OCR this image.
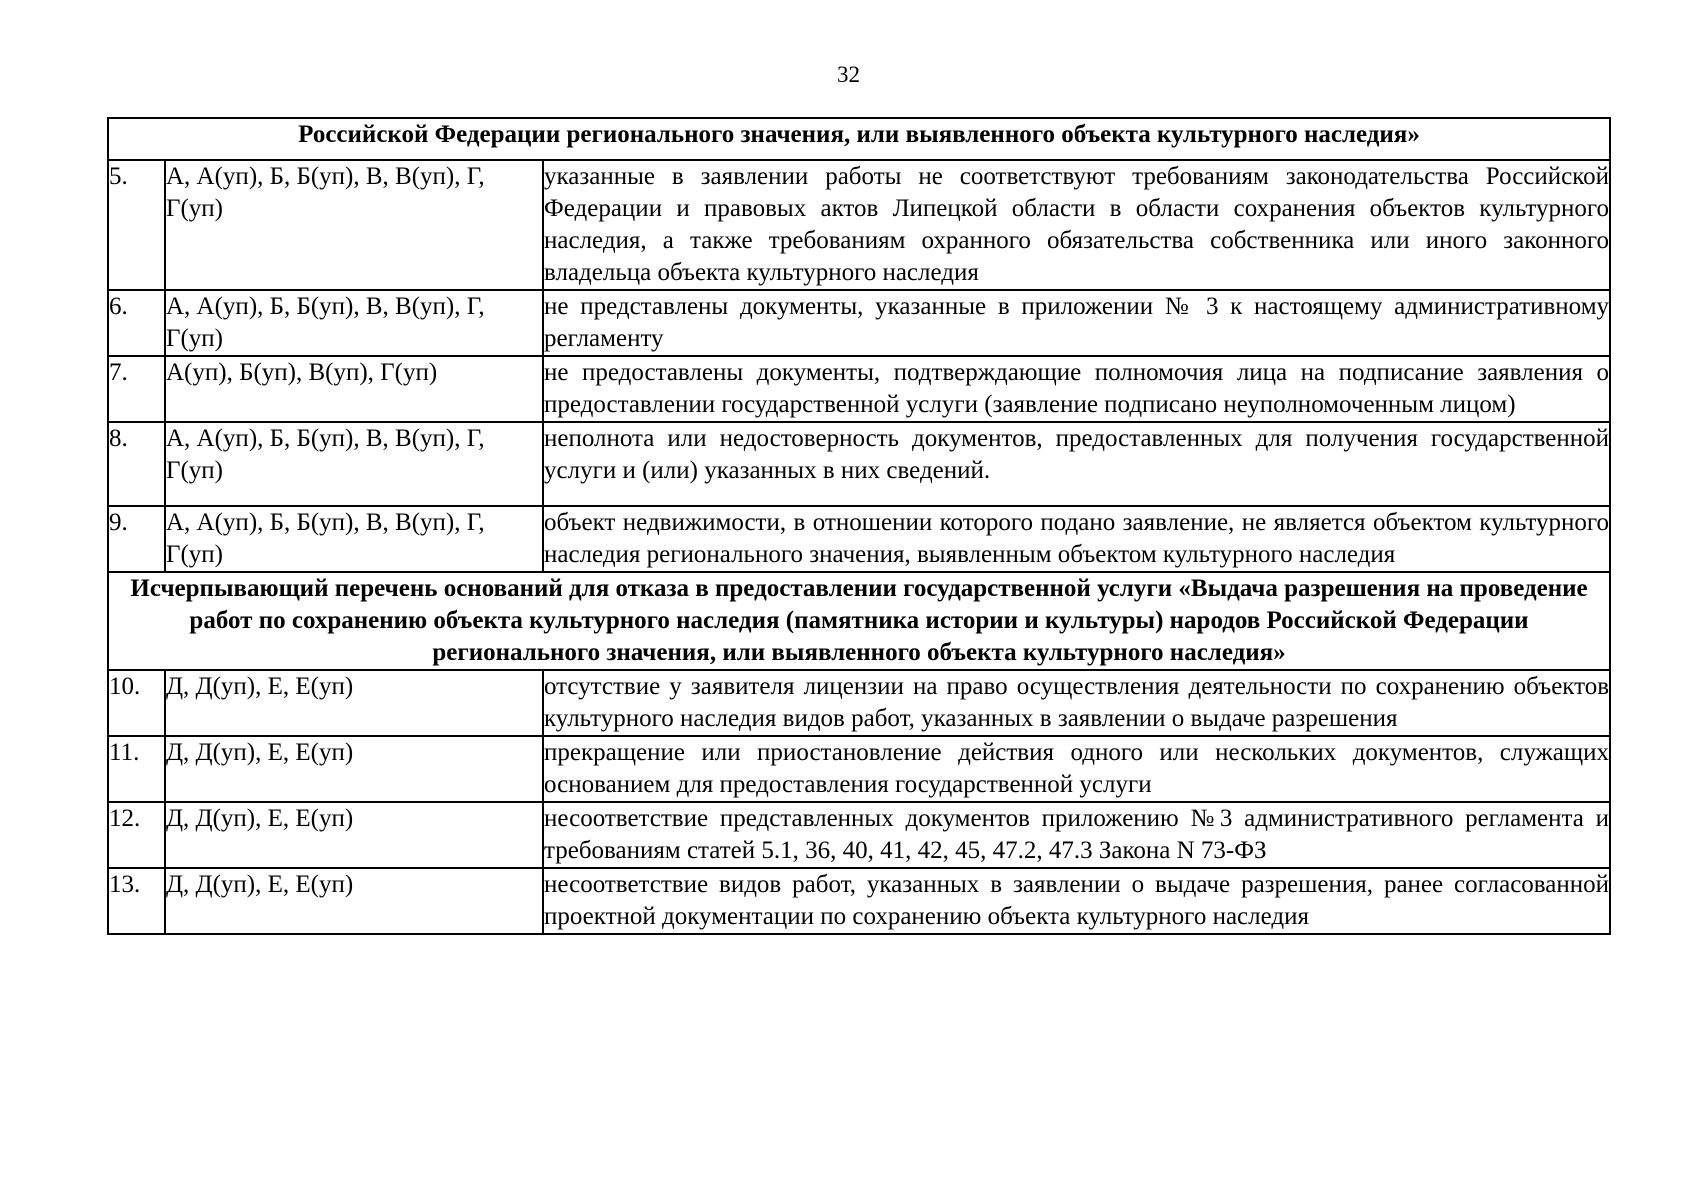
32
Российской Федерации регионального значения, или выявленного объекта культурного наследия»		
5.	А, А(уп), Б, Б(уп), В, В(уп), Г, Г(уп)	указанные в заявлении работы не соответствуют требованиям законодательства Российской Федерации и правовых актов Липецкой области в области сохранения объектов культурного наследия, а также требованиям охранного обязательства собственника или иного законного владельца объекта культурного наследия
6.	А, А(уп), Б, Б(уп), В, В(уп), Г, Г(уп)	не представлены документы, указанные в приложении № 3 к настоящему административному регламенту
7.	А(уп), Б(уп), В(уп), Г(уп)	не предоставлены документы, подтверждающие полномочия лица на подписание заявления о предоставлении государственной услуги (заявление подписано неуполномоченным лицом)
8.	А, А(уп), Б, Б(уп), В, В(уп), Г, Г(уп)	неполнота или недостоверность документов, предоставленных для получения государственной услуги и (или) указанных в них сведений.
9.	А, А(уп), Б, Б(уп), В, В(уп), Г, Г(уп)	объект недвижимости, в отношении которого подано заявление, не является объектом культурного наследия регионального значения, выявленным объектом культурного наследия
Исчерпывающий перечень оснований для отказа в предоставлении государственной услуги «Выдача разрешения на проведение работ по сохранению объекта культурного наследия (памятника истории и культуры) народов Российской Федерации регионального значения, или выявленного объекта культурного наследия»		
10.	Д, Д(уп), Е, Е(уп)	отсутствие у заявителя лицензии на право осуществления деятельности по сохранению объектов культурного наследия видов работ, указанных в заявлении о выдаче разрешения
11.	Д, Д(уп), Е, Е(уп)	прекращение или приостановление действия одного или нескольких документов, служащих основанием для предоставления государственной услуги
12.	Д, Д(уп), Е, Е(уп)	несоответствие представленных документов приложению №3 административного регламента и требованиям статей 5.1, 36, 40, 41, 42, 45, 47.2, 47.3 Закона N 73-ФЗ
13.	Д, Д(уп), Е, Е(уп)	несоответствие видов работ, указанных в заявлении о выдаче разрешения, ранее согласованной проектной документации по сохранению объекта культурного наследия
